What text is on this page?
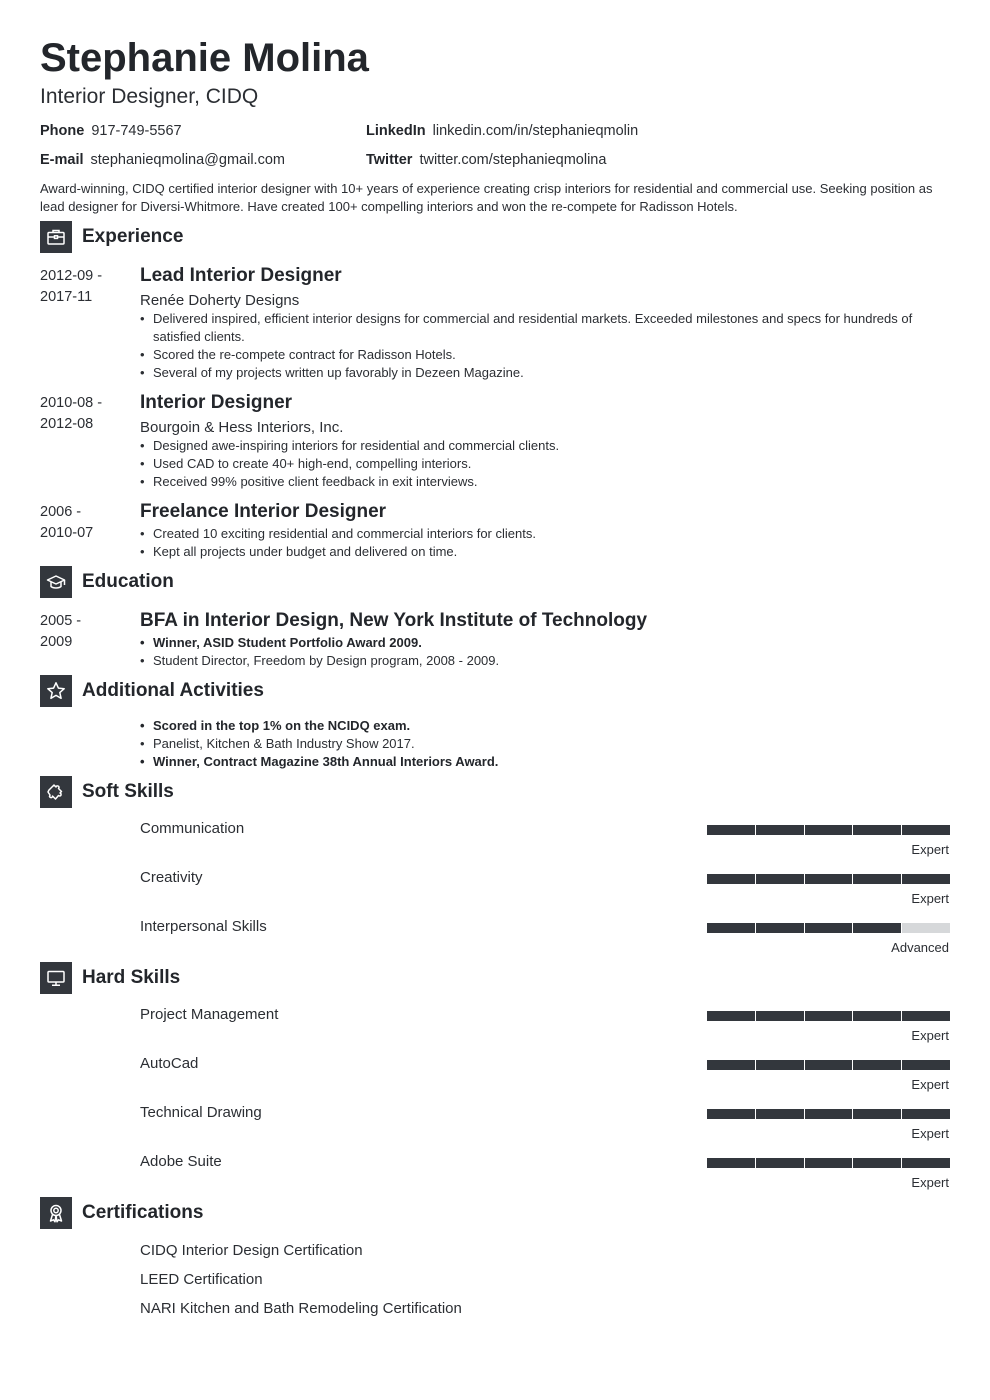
Stephanie Molina
Interior Designer, CIDQ
Phone 917-749-5567	LinkedIn linkedin.com/in/stephanieqmolin
E-mail stephanieqmolina@gmail.com	Twitter twitter.com/stephanieqmolina
Award-winning, CIDQ certified interior designer with 10+ years of experience creating crisp interiors for residential and commercial use. Seeking position as lead designer for Diversi-Whitmore. Have created 100+ compelling interiors and won the re-compete for Radisson Hotels.
Experience
2012-09 -
2017-11
Lead Interior Designer
Renée Doherty Designs
• Delivered inspired, efficient interior designs for commercial and residential markets. Exceeded milestones and specs for hundreds of satisfied clients.
• Scored the re-compete contract for Radisson Hotels.
• Several of my projects written up favorably in Dezeen Magazine.
2010-08 -
2012-08
Interior Designer
Bourgoin & Hess Interiors, Inc.
• Designed awe-inspiring interiors for residential and commercial clients.
• Used CAD to create 40+ high-end, compelling interiors.
• Received 99% positive client feedback in exit interviews.
2006 -
2010-07
Freelance Interior Designer
• Created 10 exciting residential and commercial interiors for clients.
• Kept all projects under budget and delivered on time.
Education
2005 -
2009
BFA in Interior Design, New York Institute of Technology
• Winner, ASID Student Portfolio Award 2009.
• Student Director, Freedom by Design program, 2008 - 2009.
Additional Activities
• Scored in the top 1% on the NCIDQ exam.
• Panelist, Kitchen & Bath Industry Show 2017.
• Winner, Contract Magazine 38th Annual Interiors Award.
Soft Skills
Communication
Expert
Creativity
Expert
Interpersonal Skills
Advanced
Hard Skills
Project Management
Expert
AutoCad
Expert
Technical Drawing
Expert
Adobe Suite
Expert
Certifications
CIDQ Interior Design Certification
LEED Certification
NARI Kitchen and Bath Remodeling Certification
